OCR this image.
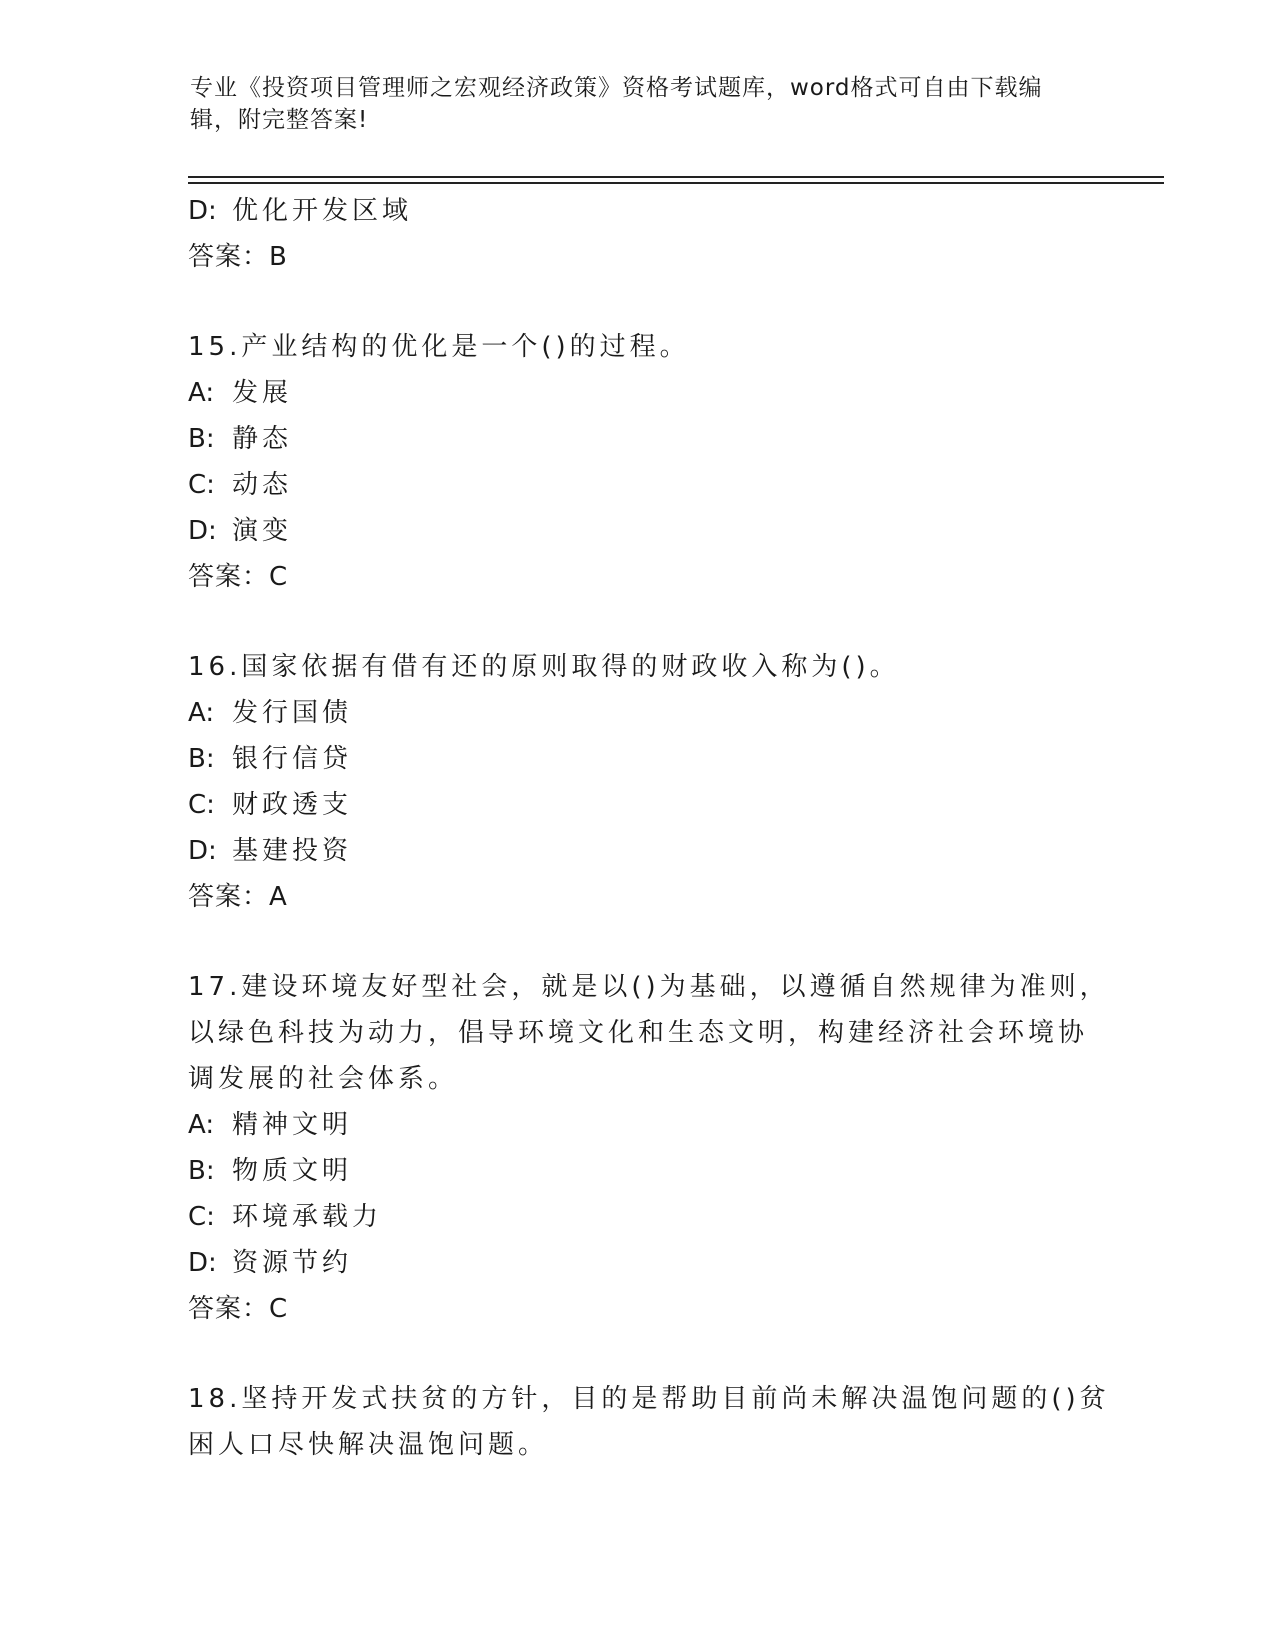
专业《投资项目管理师之宏观经济政策》资格考试题库，word格式可自由下载编
辑，附完整答案!
D: 优化开发区域
答案：B
15.产业结构的优化是一个()的过程。
A: 发展
B: 静态
C: 动态
D: 演变
答案：C
16.国家依据有借有还的原则取得的财政收入称为()。
A: 发行国债
B: 银行信贷
C: 财政透支
D: 基建投资
答案：A
17.建设环境友好型社会，就是以()为基础，以遵循自然规律为准则，
以绿色科技为动力，倡导环境文化和生态文明，构建经济社会环境协
调发展的社会体系。
A: 精神文明
B: 物质文明
C: 环境承载力
D: 资源节约
答案：C
18.坚持开发式扶贫的方针，目的是帮助目前尚未解决温饱问题的()贫
困人口尽快解决温饱问题。
